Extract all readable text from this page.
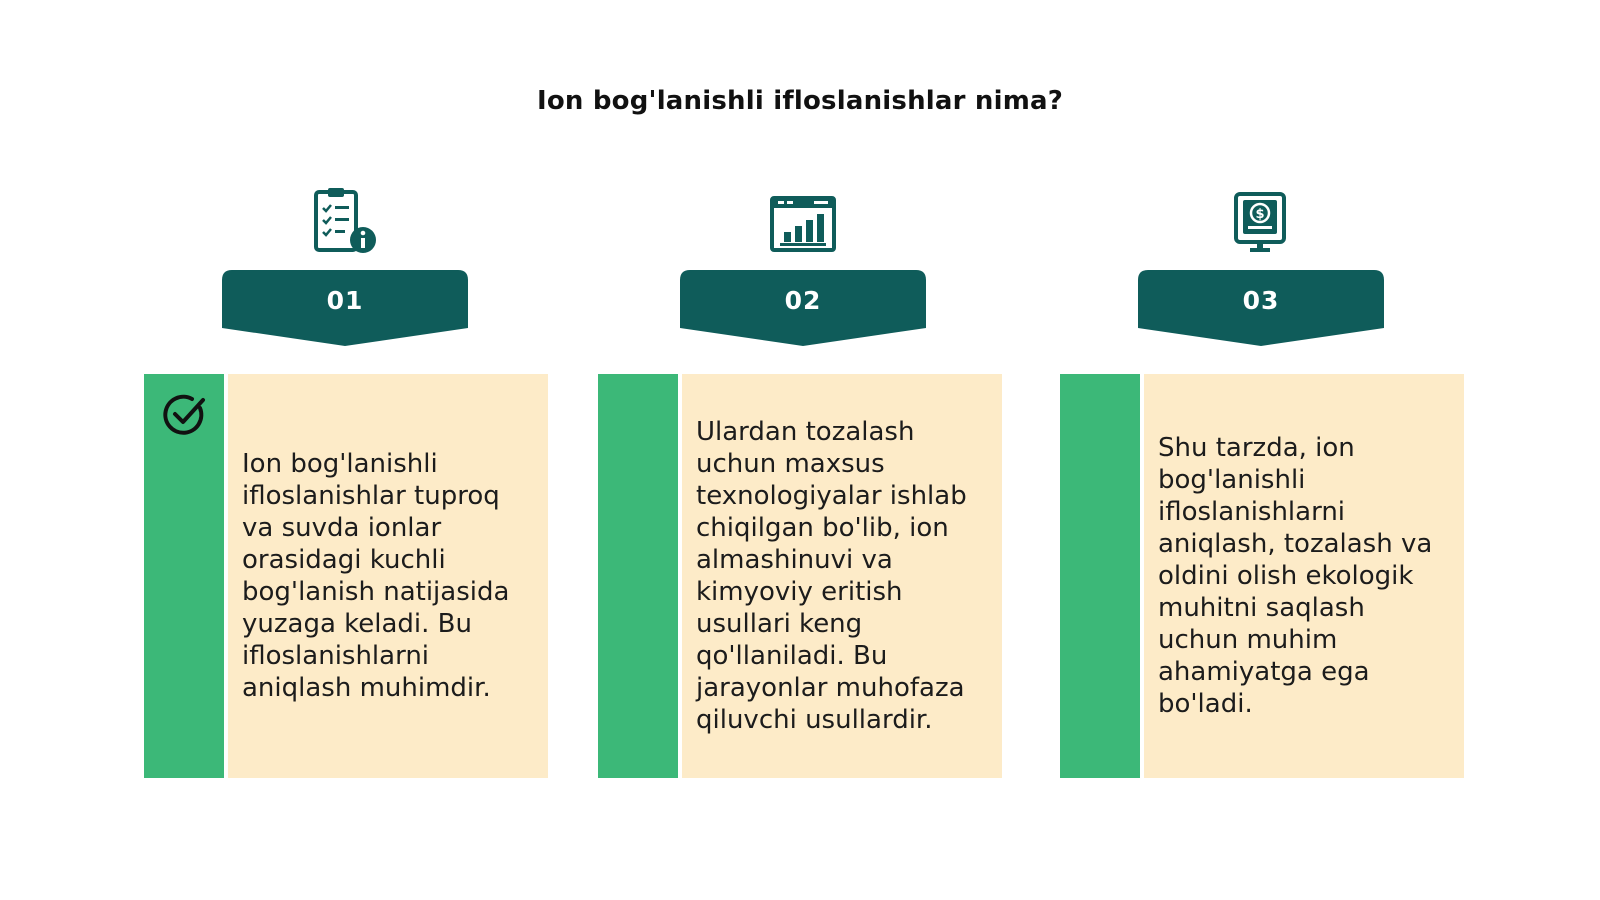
Ion bog'lanishli ifloslanishlar nima?
01	02
$
03

Ion bog'lanishli ifloslanishlar tuproq va suvda ionlar orasidagi kuchli bog'lanish natijasida yuzaga keladi. Bu ifloslanishlarni aniqlash muhimdir.

Ulardan tozalash uchun maxsus texnologiyalar ishlab chiqilgan bo'lib, ion almashinuvi va kimyoviy eritish usullari keng qo'llaniladi. Bu jarayonlar muhofaza qiluvchi usullardir.

Shu tarzda, ion bog'lanishli ifloslanishlarni aniqlash, tozalash va oldini olish ekologik muhitni saqlash uchun muhim ahamiyatga ega bo'ladi.
